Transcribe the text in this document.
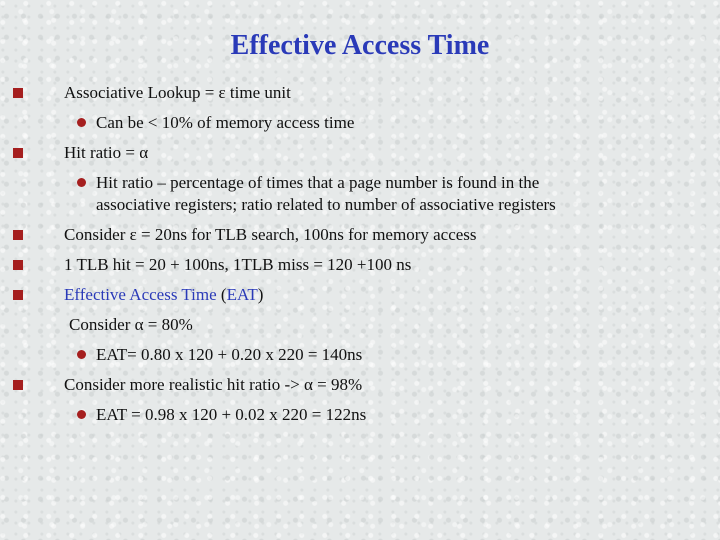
Effective Access Time
Associative Lookup = ε time unit
Can be < 10% of memory access time
Hit ratio = α
Hit ratio – percentage of times that a page number is found in the
associative registers; ratio related to number of associative registers
Consider ε = 20ns for TLB search, 100ns for memory access
1 TLB hit = 20 + 100ns, 1TLB miss = 120 +100 ns
Effective Access Time (EAT)
Consider α = 80%
EAT= 0.80 x 120 + 0.20 x 220 = 140ns
Consider more realistic hit ratio -> α = 98%
EAT = 0.98 x 120 + 0.02 x 220 = 122ns
